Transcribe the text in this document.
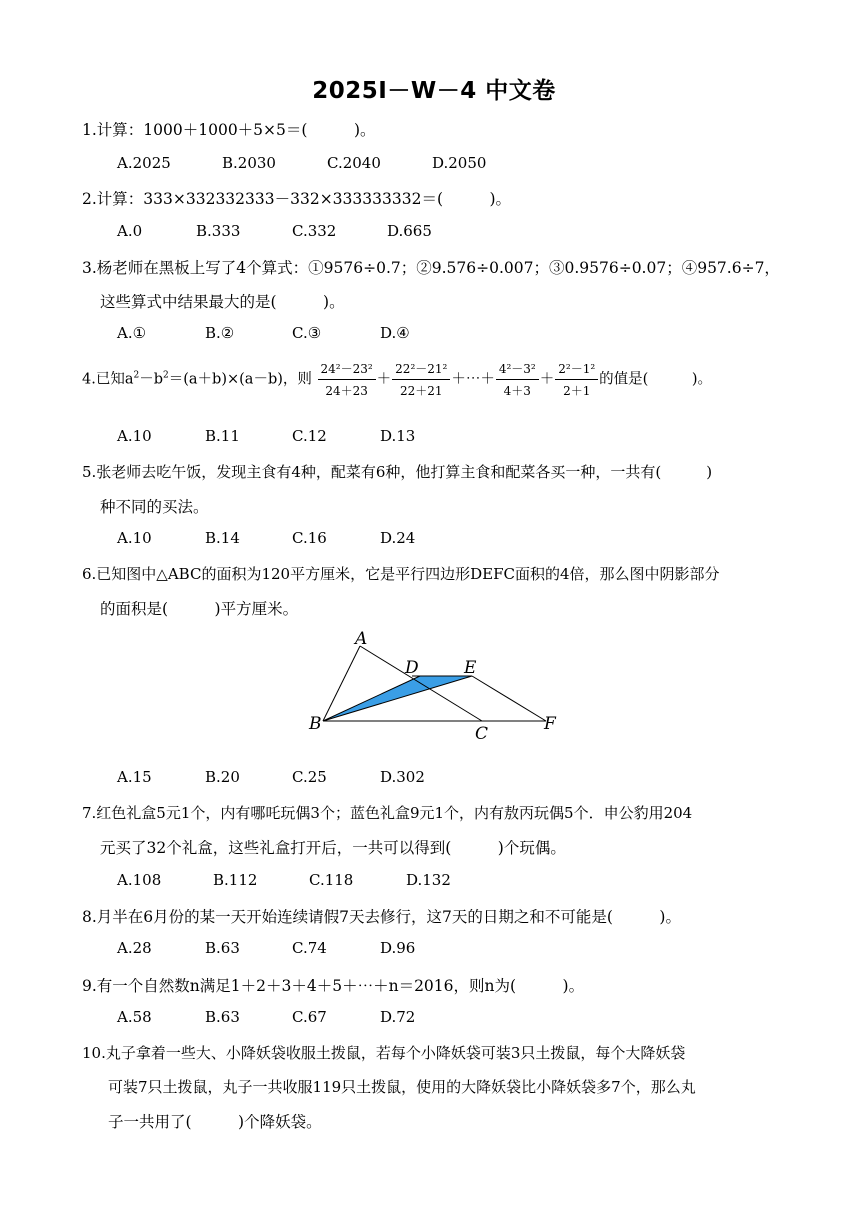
2025I－W－4 中文卷
1.计算：1000＋1000＋5×5＝(　　　)。
A.2025	B.2030	C.2040	D.2050
2.计算：333×332332333－332×333333332＝(　　　)。
A.0	B.333	C.332	D.665
3.杨老师在黑板上写了4个算式：①9576÷0.7；②9.576÷0.007；③0.9576÷0.07；④957.6÷7，
这些算式中结果最大的是(　　　)。
A.①	B.②	C.③	D.④
4.已知$a^2-b^2=(a+b)\times(a-b)$，则 $\frac{\text{24²－23²}}{24+23} + \frac{\text{22²－21²}}{22+21}$ ＋⋯＋ $\frac{\text{4²－3²}}{4+3} + \frac{\text{2²－1²}}{2+1}$ 的值是(　　　)。
A.10	B.11	C.12	D.13
5.张老师去吃午饭，发现主食有4种，配菜有6种，他打算主食和配菜各买一种，一共有(　　　)
种不同的买法。
A.10	B.14	C.16	D.24
6.已知图中△ABC的面积为120平方厘米，它是平行四边形DEFC面积的4倍，那么图中阴影部分
的面积是(　　　)平方厘米。
A
B	C
D	E
F
A.15	B.20	C.25	D.302
7.红色礼盒5元1个，内有哪吒玩偶3个；蓝色礼盒9元1个，内有敖丙玩偶5个．申公豹用204
元买了32个礼盒，这些礼盒打开后，一共可以得到(　　　)个玩偶。
A.108	B.112	C.118	D.132
8.月半在6月份的某一天开始连续请假7天去修行，这7天的日期之和不可能是(　　　)。
A.28	B.63	C.74	D.96
9.有一个自然数n满足1＋2＋3＋4＋5＋⋯＋n＝2016，则n为(　　　)。
A.58	B.63	C.67	D.72
10.丸子拿着一些大、小降妖袋收服土拨鼠，若每个小降妖袋可装3只土拨鼠，每个大降妖袋
可装7只土拨鼠，丸子一共收服119只土拨鼠，使用的大降妖袋比小降妖袋多7个，那么丸
子一共用了(　　　)个降妖袋。
